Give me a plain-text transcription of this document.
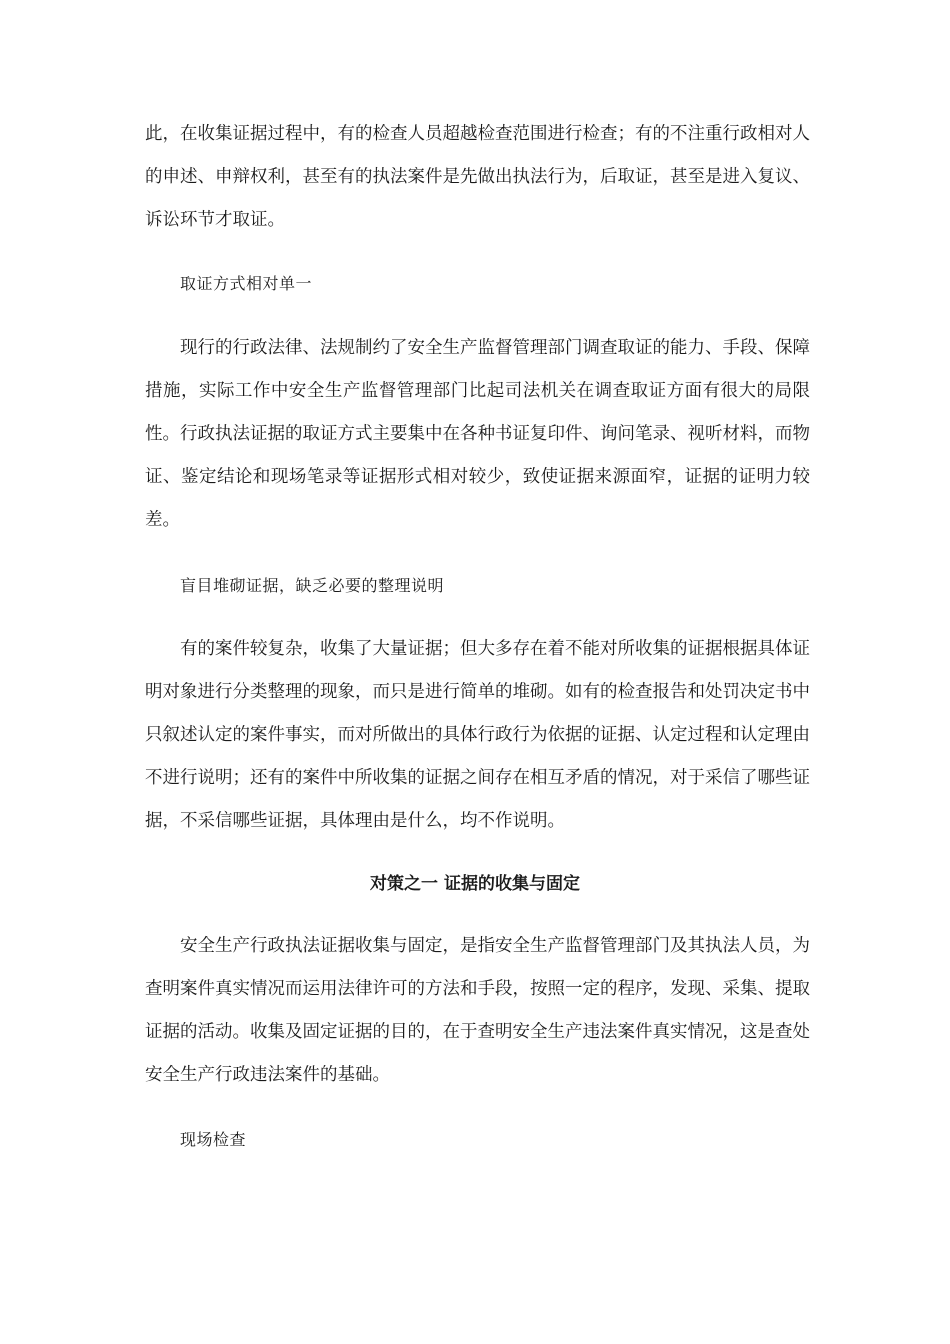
此，在收集证据过程中，有的检查人员超越检查范围进行检查；有的不注重行政相对人的申述、申辩权利，甚至有的执法案件是先做出执法行为，后取证，甚至是进入复议、诉讼环节才取证。

取证方式相对单一

现行的行政法律、法规制约了安全生产监督管理部门调查取证的能力、手段、保障措施，实际工作中安全生产监督管理部门比起司法机关在调查取证方面有很大的局限性。行政执法证据的取证方式主要集中在各种书证复印件、询问笔录、视听材料，而物证、鉴定结论和现场笔录等证据形式相对较少，致使证据来源面窄，证据的证明力较差。

盲目堆砌证据，缺乏必要的整理说明

有的案件较复杂，收集了大量证据；但大多存在着不能对所收集的证据根据具体证明对象进行分类整理的现象，而只是进行简单的堆砌。如有的检查报告和处罚决定书中只叙述认定的案件事实，而对所做出的具体行政行为依据的证据、认定过程和认定理由不进行说明；还有的案件中所收集的证据之间存在相互矛盾的情况，对于采信了哪些证据，不采信哪些证据，具体理由是什么，均不作说明。

对策之一 证据的收集与固定

安全生产行政执法证据收集与固定，是指安全生产监督管理部门及其执法人员，为查明案件真实情况而运用法律许可的方法和手段，按照一定的程序，发现、采集、提取证据的活动。收集及固定证据的目的，在于查明安全生产违法案件真实情况，这是查处安全生产行政违法案件的基础。

现场检查
